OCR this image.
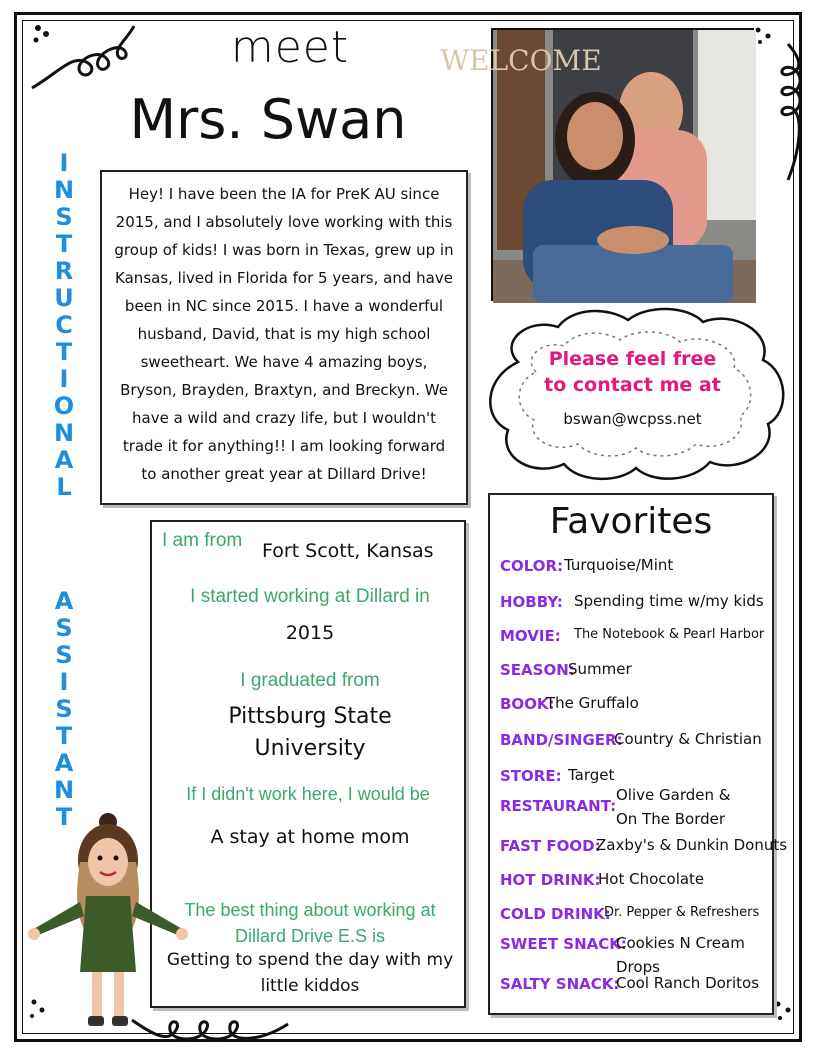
meet
Mrs. Swan
I
N
S
T
R
U
C
T
I
O
N
A
L
A
S
S
I
S
T
A
N
T

Hey! I have been the IA for PreK AU since 2015, and I absolutely love working with this group of kids! I was born in Texas, grew up in Kansas, lived in Florida for 5 years, and have been in NC since 2015. I have a wonderful husband, David, that is my high school sweetheart. We have 4 amazing boys, Bryson, Brayden, Braxtyn, and Breckyn. We have a wild and crazy life, but I wouldn't trade it for anything!! I am looking forward to another great year at Dillard Drive!

WELCOME
Please feel free
to contact me at
bswan@wcpss.net
I am from	Fort Scott, Kansas
I started working at Dillard in
2015
I graduated from
Pittsburg State
University
If I didn't work here, I would be
A stay at home mom
The best thing about working at
Dillard Drive E.S is
Getting to spend the day with my
little kiddos
Favorites
COLOR: Turquoise/Mint
HOBBY: Spending time w/my kids
MOVIE: The Notebook & Pearl Harbor
SEASON:
Summer
BOOK:
The Gruffalo
BAND/SINGER:
Country & Christian
STORE: Target
RESTAURANT:
Olive Garden &
On The Border
FAST FOOD:
Zaxby's & Dunkin Donuts
HOT DRINK:
Hot Chocolate
COLD DRINK:
Dr. Pepper & Refreshers
SWEET SNACK:
Cookies N Cream
Drops
SALTY SNACK:
Cool Ranch Doritos
